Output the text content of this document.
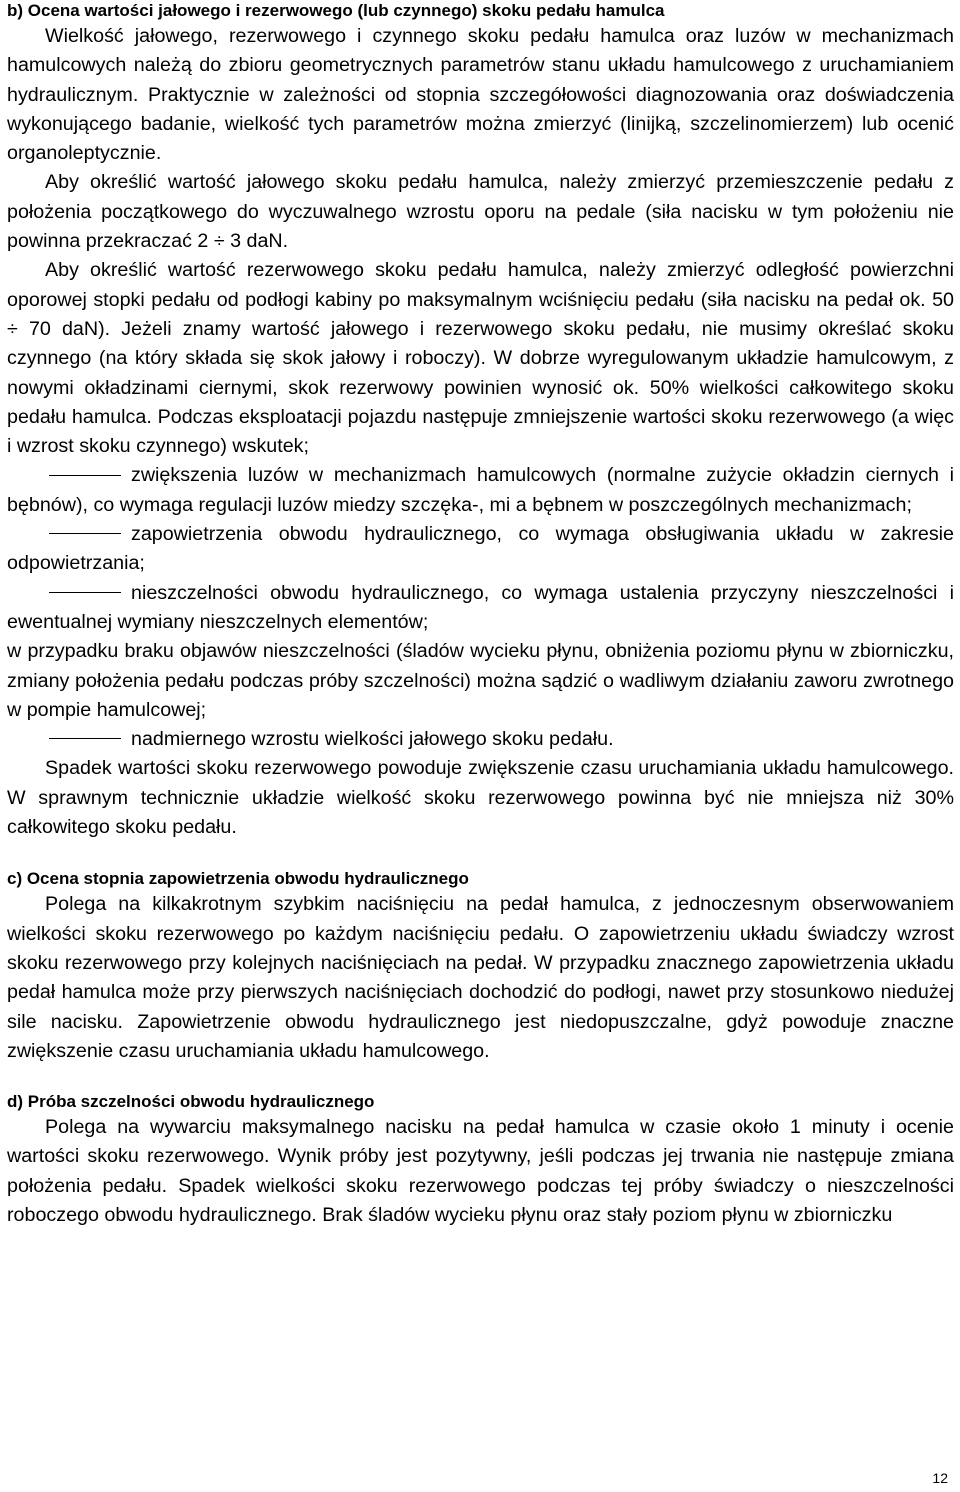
b) Ocena wartości jałowego i rezerwowego (lub czynnego) skoku pedału hamulca

Wielkość jałowego, rezerwowego i czynnego skoku pedału hamulca oraz luzów w mechanizmach hamulcowych należą do zbioru geometrycznych parametrów stanu układu hamulcowego z uruchamianiem hydraulicznym. Praktycznie w zależności od stopnia szczegółowości diagnozowania oraz doświadczenia wykonującego badanie, wielkość tych parametrów można zmierzyć (linijką, szczelinomierzem) lub ocenić organoleptycznie.

Aby określić wartość jałowego skoku pedału hamulca, należy zmierzyć przemieszczenie pedału z położenia początkowego do wyczuwalnego wzrostu oporu na pedale (siła nacisku w tym położeniu nie powinna przekraczać 2 ÷ 3 daN.

Aby określić wartość rezerwowego skoku pedału hamulca, należy zmierzyć odległość powierzchni oporowej stopki pedału od podłogi kabiny po maksymalnym wciśnięciu pedału (siła nacisku na pedał ok. 50 ÷ 70 daN). Jeżeli znamy wartość jałowego i rezerwowego skoku pedału, nie musimy określać skoku czynnego (na który składa się skok jałowy i roboczy). W dobrze wyregulowanym układzie hamulcowym, z nowymi okładzinami ciernymi, skok rezerwowy powinien wynosić ok. 50% wielkości całkowitego skoku pedału hamulca. Podczas eksploatacji pojazdu następuje zmniejszenie wartości skoku rezerwowego (a więc i wzrost skoku czynnego) wskutek;

zwiększenia luzów w mechanizmach hamulcowych (normalne zużycie okładzin ciernych i bębnów), co wymaga regulacji luzów miedzy szczęka-, mi a bębnem w poszczególnych mechanizmach;

zapowietrzenia obwodu hydraulicznego, co wymaga obsługiwania układu w zakresie odpowietrzania;

nieszczelności obwodu hydraulicznego, co wymaga ustalenia przyczyny nieszczelności i ewentualnej wymiany nieszczelnych elementów;

w przypadku braku objawów nieszczelności (śladów wycieku płynu, obniżenia poziomu płynu w zbiorniczku, zmiany położenia pedału podczas próby szczelności) można sądzić o wadliwym działaniu zaworu zwrotnego w pompie hamulcowej;

nadmiernego wzrostu wielkości jałowego skoku pedału.

Spadek wartości skoku rezerwowego powoduje zwiększenie czasu uruchamiania układu hamulcowego. W sprawnym technicznie układzie wielkość skoku rezerwowego powinna być nie mniejsza niż 30% całkowitego skoku pedału.

c) Ocena stopnia zapowietrzenia obwodu hydraulicznego

Polega na kilkakrotnym szybkim naciśnięciu na pedał hamulca, z jednoczesnym obserwowaniem wielkości skoku rezerwowego po każdym naciśnięciu pedału. O zapowietrzeniu układu świadczy wzrost skoku rezerwowego przy kolejnych naciśnięciach na pedał. W przypadku znacznego zapowietrzenia układu pedał hamulca może przy pierwszych naciśnięciach dochodzić do podłogi, nawet przy stosunkowo niedużej sile nacisku. Zapowietrzenie obwodu hydraulicznego jest niedopuszczalne, gdyż powoduje znaczne zwiększenie czasu uruchamiania układu hamulcowego.

d) Próba szczelności obwodu hydraulicznego

Polega na wywarciu maksymalnego nacisku na pedał hamulca w czasie około 1 minuty i ocenie wartości skoku rezerwowego. Wynik próby jest pozytywny, jeśli podczas jej trwania nie następuje zmiana położenia pedału. Spadek wielkości skoku rezerwowego podczas tej próby świadczy o nieszczelności roboczego obwodu hydraulicznego. Brak śladów wycieku płynu oraz stały poziom płynu w zbiorniczku

12
